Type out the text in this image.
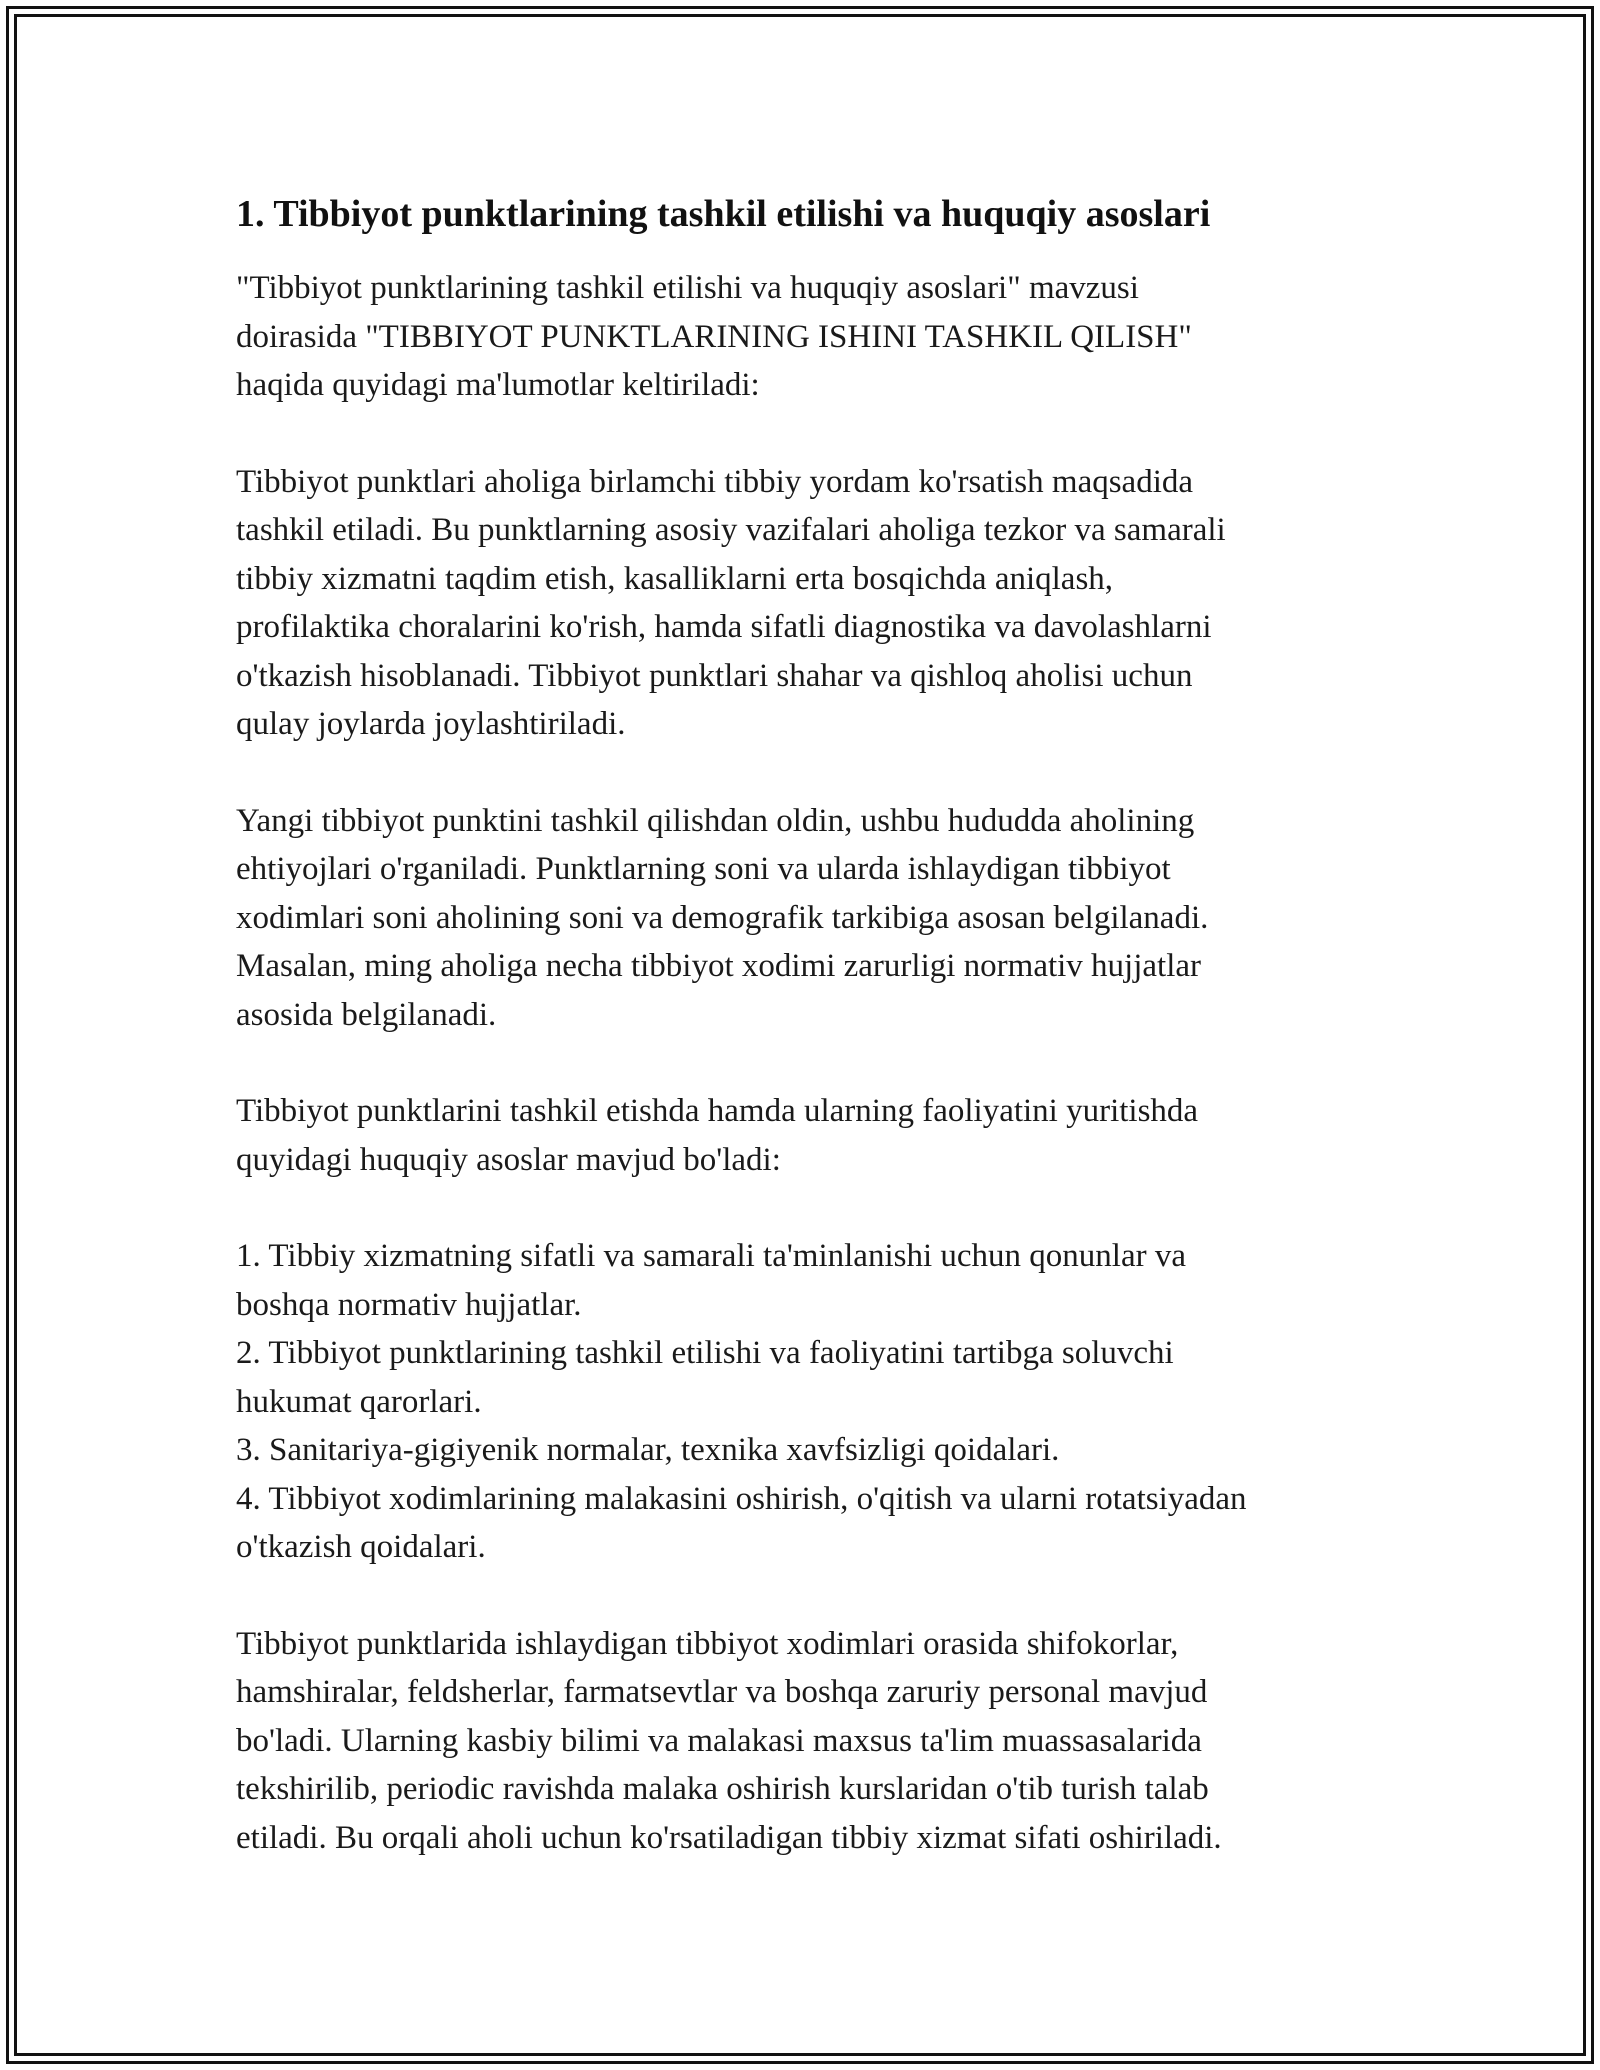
1. Tibbiyot punktlarining tashkil etilishi va huquqiy asoslari

"Tibbiyot punktlarining tashkil etilishi va huquqiy asoslari" mavzusi
doirasida "TIBBIYOT PUNKTLARINING ISHINI TASHKIL QILISH"
haqida quyidagi ma'lumotlar keltiriladi:

Tibbiyot punktlari aholiga birlamchi tibbiy yordam ko'rsatish maqsadida
tashkil etiladi. Bu punktlarning asosiy vazifalari aholiga tezkor va samarali
tibbiy xizmatni taqdim etish, kasalliklarni erta bosqichda aniqlash,
profilaktika choralarini ko'rish, hamda sifatli diagnostika va davolashlarni
o'tkazish hisoblanadi. Tibbiyot punktlari shahar va qishloq aholisi uchun
qulay joylarda joylashtiriladi.

Yangi tibbiyot punktini tashkil qilishdan oldin, ushbu hududda aholining
ehtiyojlari o'rganiladi. Punktlarning soni va ularda ishlaydigan tibbiyot
xodimlari soni aholining soni va demografik tarkibiga asosan belgilanadi.
Masalan, ming aholiga necha tibbiyot xodimi zarurligi normativ hujjatlar
asosida belgilanadi.

Tibbiyot punktlarini tashkil etishda hamda ularning faoliyatini yuritishda
quyidagi huquqiy asoslar mavjud bo'ladi:

1. Tibbiy xizmatning sifatli va samarali ta'minlanishi uchun qonunlar va
boshqa normativ hujjatlar.
2. Tibbiyot punktlarining tashkil etilishi va faoliyatini tartibga soluvchi
hukumat qarorlari.
3. Sanitariya-gigiyenik normalar, texnika xavfsizligi qoidalari.
4. Tibbiyot xodimlarining malakasini oshirish, o'qitish va ularni rotatsiyadan
o'tkazish qoidalari.

Tibbiyot punktlarida ishlaydigan tibbiyot xodimlari orasida shifokorlar,
hamshiralar, feldsherlar, farmatsevtlar va boshqa zaruriy personal mavjud
bo'ladi. Ularning kasbiy bilimi va malakasi maxsus ta'lim muassasalarida
tekshirilib, periodic ravishda malaka oshirish kurslaridan o'tib turish talab
etiladi. Bu orqali aholi uchun ko'rsatiladigan tibbiy xizmat sifati oshiriladi.
